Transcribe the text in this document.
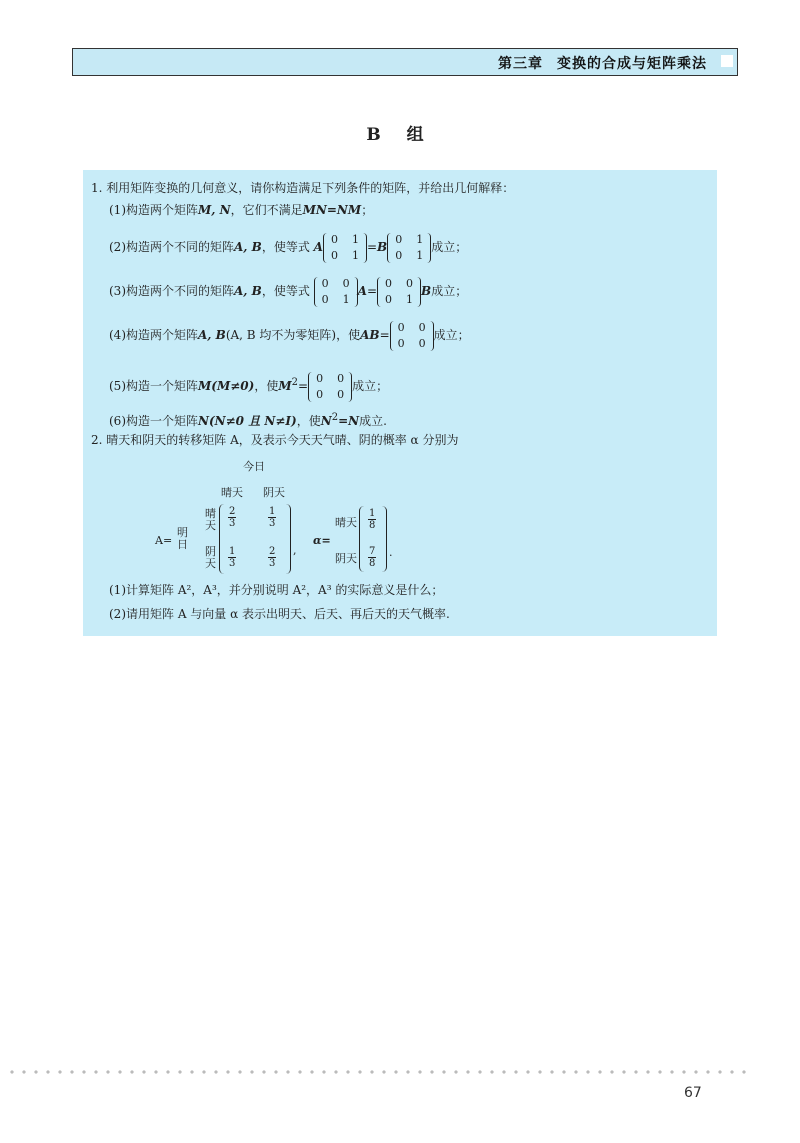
第三章 变换的合成与矩阵乘法
B 组
1. 利用矩阵变换的几何意义，请你构造满足下列条件的矩阵，并给出几何解释：
(1)构造两个矩阵M, N，它们不满足MN=NM；
(2)构造两个不同的矩阵A, B，使等式 A
0 1
0 1
=B
0 1
0 1
成立；
(3)构造两个不同的矩阵A, B，使等式
0 0
0 1
A=
0 0
0 1
B成立；
(4)构造两个矩阵A, B(A, B 均不为零矩阵)，使AB=
0 0
0 0
成立；
(5)构造一个矩阵M(M≠0)，使$M^2=$
0 0
0 0
成立；
(6)构造一个矩阵N(N≠0 且 N≠I)，使$N^2=N$成立.
2. 晴天和阴天的转移矩阵 A，及表示今天天气晴、阴的概率 α 分别为
今日
晴天 阴天
A=
明日
晴天
阴天
$\frac{2}{3}$	$\frac{1}{3}$
$\frac{1}{3}$	$\frac{2}{3}$ ,
α=
晴天
阴天
$\frac{1}{8}$
$\frac{7}{8}$ .
(1)计算矩阵 A²，A³，并分别说明 A²，A³ 的实际意义是什么；
(2)请用矩阵 A 与向量 α 表示出明天、后天、再后天的天气概率.
67
